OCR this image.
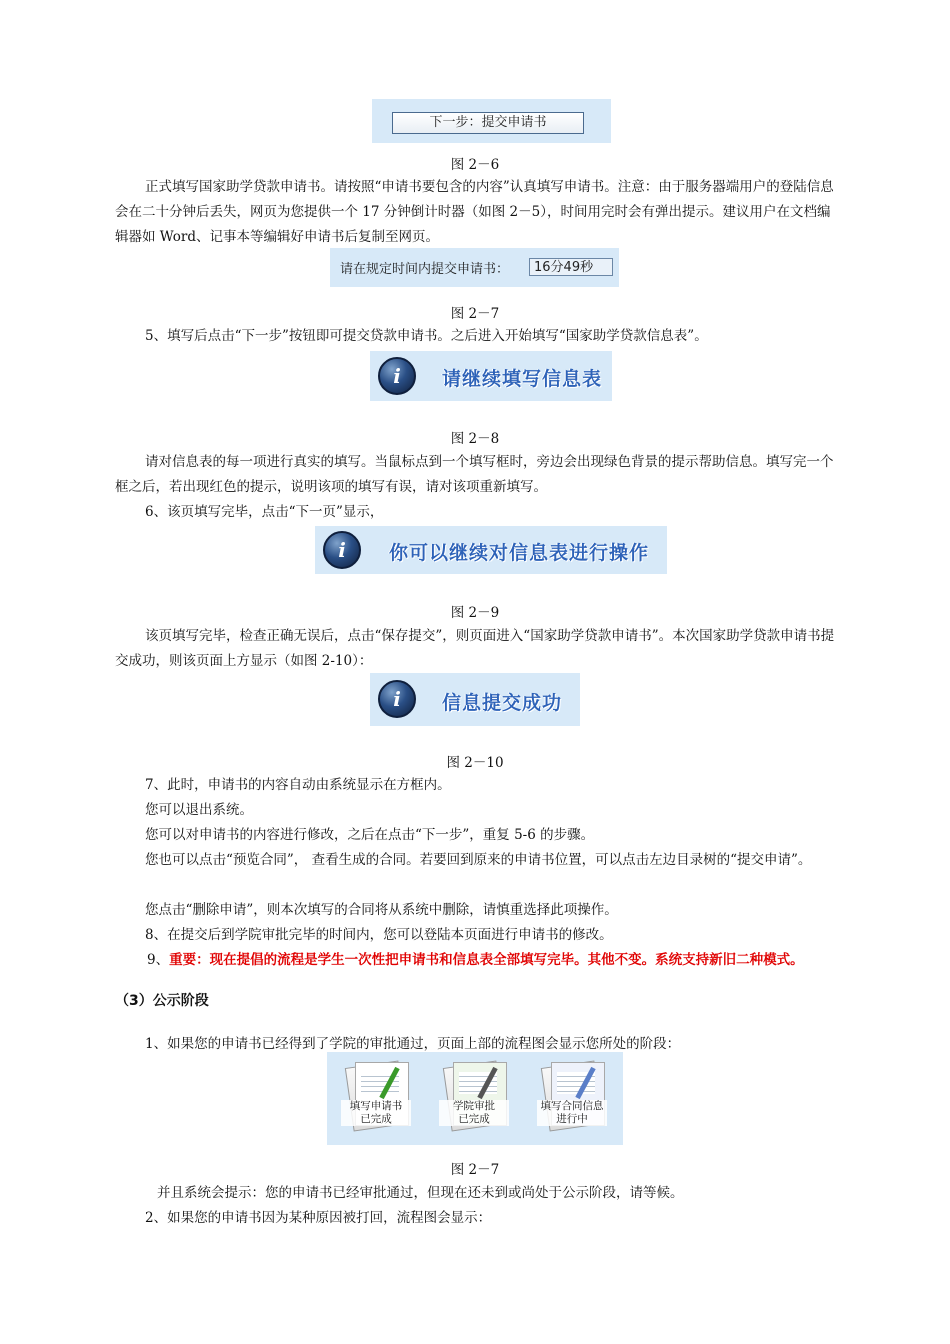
下一步：提交申请书
图 2－6

正式填写国家助学贷款申请书。请按照“申请书要包含的内容”认真填写申请书。注意：由于服务器端用户的登陆信息会在二十分钟后丢失，网页为您提供一个 17 分钟倒计时器（如图 2－5），时间用完时会有弹出提示。建议用户在文档编辑器如 Word、记事本等编辑好申请书后复制至网页。

请在规定时间内提交申请书：	16分49秒
图 2－7

5、填写后点击“下一步”按钮即可提交贷款申请书。之后进入开始填写“国家助学贷款信息表”。

i	请继续填写信息表
图 2－8

请对信息表的每一项进行真实的填写。当鼠标点到一个填写框时，旁边会出现绿色背景的提示帮助信息。填写完一个框之后，若出现红色的提示，说明该项的填写有误，请对该项重新填写。

6、该页填写完毕，点击“下一页”显示，

i	你可以继续对信息表进行操作
图 2－9

该页填写完毕，检查正确无误后，点击“保存提交”，则页面进入“国家助学贷款申请书”。本次国家助学贷款申请书提交成功，则该页面上方显示（如图 2-10）：

i	信息提交成功
图 2－10

7、此时，申请书的内容自动由系统显示在方框内。

您可以退出系统。

您可以对申请书的内容进行修改，之后在点击“下一步”，重复 5-6 的步骤。

您也可以点击“预览合同”， 查看生成的合同。若要回到原来的申请书位置，可以点击左边目录树的“提交申请”。

您点击“删除申请”，则本次填写的合同将从系统中删除，请慎重选择此项操作。

8、在提交后到学院审批完毕的时间内，您可以登陆本页面进行申请书的修改。

9、重要：现在提倡的流程是学生一次性把申请书和信息表全部填写完毕。其他不变。系统支持新旧二种模式。

（3）公示阶段

1、如果您的申请书已经得到了学院的审批通过，页面上部的流程图会显示您所处的阶段：

填写申请书
已完成
学院审批
已完成
填写合同信息
进行中
图 2－7

并且系统会提示：您的申请书已经审批通过，但现在还未到或尚处于公示阶段，请等候。

2、如果您的申请书因为某种原因被打回，流程图会显示：
